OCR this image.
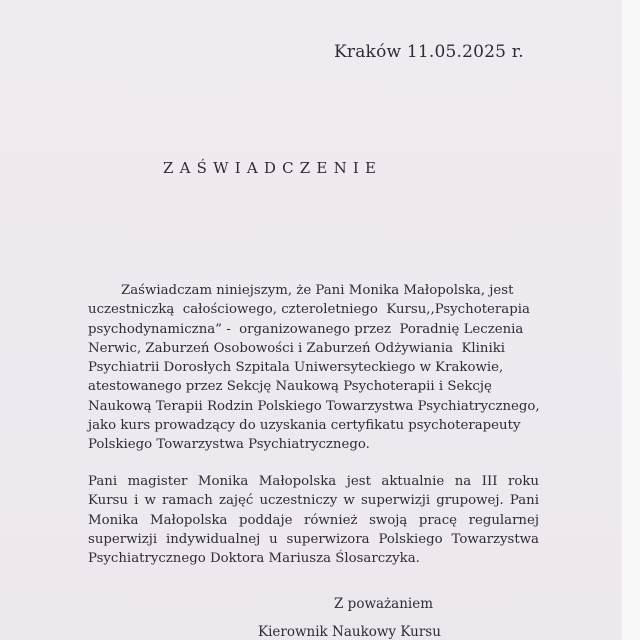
Kraków 11.05.2025 r.
ZAŚWIADCZENIE
Zaświadczam niniejszym, że Pani Monika Małopolska, jest
uczestniczką  całościowego, czteroletniego  Kursu,,Psychoterapia
psychodynamiczna” -  organizowanego przez  Poradnię Leczenia
Nerwic, Zaburzeń Osobowości i Zaburzeń Odżywiania  Kliniki
Psychiatrii Dorosłych Szpitala Uniwersyteckiego w Krakowie,
atestowanego przez Sekcję Naukową Psychoterapii i Sekcję
Naukową Terapii Rodzin Polskiego Towarzystwa Psychiatrycznego,
jako kurs prowadzący do uzyskania certyfikatu psychoterapeuty
Polskiego Towarzystwa Psychiatrycznego.
Pani magister Monika Małopolska jest aktualnie na III roku
Kursu i w ramach zajęć uczestniczy w superwizji grupowej. Pani
Monika Małopolska poddaje również swoją pracę regularnej
superwizji indywidualnej u superwizora Polskiego Towarzystwa
Psychiatrycznego Doktora Mariusza Ślosarczyka.
Z poważaniem
Kierownik Naukowy Kursu
